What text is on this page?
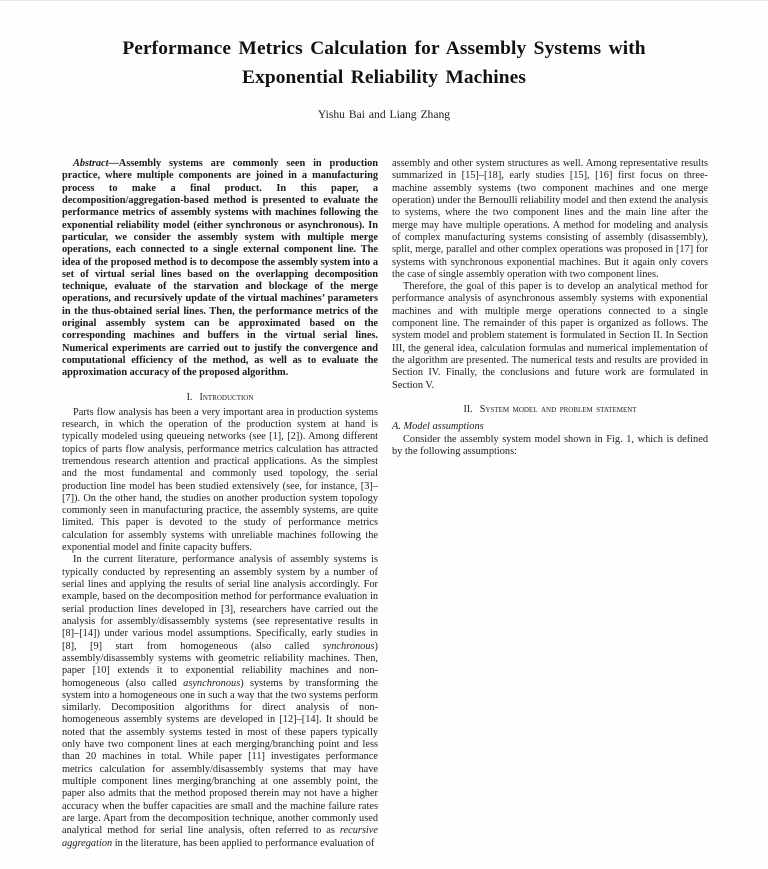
Performance Metrics Calculation for Assembly Systems with Exponential Reliability Machines
Yishu Bai and Liang Zhang

Abstract—Assembly systems are commonly seen in production practice, where multiple components are joined in a manufacturing process to make a final product. In this paper, a decomposition/aggregation-based method is presented to evaluate the performance metrics of assembly systems with machines following the exponential reliability model (either synchronous or asynchronous). In particular, we consider the assembly system with multiple merge operations, each connected to a single external component line. The idea of the proposed method is to decompose the assembly system into a set of virtual serial lines based on the overlapping decomposition technique, evaluate of the starvation and blockage of the merge operations, and recursively update of the virtual machines’ parameters in the thus-obtained serial lines. Then, the performance metrics of the original assembly system can be approximated based on the corresponding machines and buffers in the virtual serial lines. Numerical experiments are carried out to justify the convergence and computational efficiency of the method, as well as to evaluate the approximation accuracy of the proposed algorithm.

I. Introduction

Parts flow analysis has been a very important area in production systems research, in which the operation of the production system at hand is typically modeled using queueing networks (see [1], [2]). Among different topics of parts flow analysis, performance metrics calculation has attracted tremendous research attention and practical applications. As the simplest and the most fundamental and commonly used topology, the serial production line model has been studied extensively (see, for instance, [3]–[7]). On the other hand, the studies on another production system topology commonly seen in manufacturing practice, the assembly systems, are quite limited. This paper is devoted to the study of performance metrics calculation for assembly systems with unreliable machines following the exponential model and finite capacity buffers.

In the current literature, performance analysis of assembly systems is typically conducted by representing an assembly system by a number of serial lines and applying the results of serial line analysis accordingly. For example, based on the decomposition method for performance evaluation in serial production lines developed in [3], researchers have carried out the analysis for assembly/disassembly systems (see representative results in [8]–[14]) under various model assumptions. Specifically, early studies in [8], [9] start from homogeneous (also called synchronous) assembly/disassembly systems with geometric reliability machines. Then, paper [10] extends it to exponential reliability machines and non-homogeneous (also called asynchronous) systems by transforming the system into a homogeneous one in such a way that the two systems perform similarly. Decomposition algorithms for direct analysis of non-homogeneous assembly systems are developed in [12]–[14]. It should be noted that the assembly systems tested in most of these papers typically only have two component lines at each merging/branching point and less than 20 machines in total. While paper [11] investigates performance metrics calculation for assembly/disassembly systems that may have multiple component lines merging/branching at one assembly point, the paper also admits that the method proposed therein may not have a higher accuracy when the buffer capacities are small and the machine failure rates are large. Apart from the decomposition technique, another commonly used analytical method for serial line analysis, often referred to as recursive aggregation in the literature, has been applied to performance evaluation of

assembly and other system structures as well. Among representative results summarized in [15]–[18], early studies [15], [16] first focus on three-machine assembly systems (two component machines and one merge operation) under the Bernoulli reliability model and then extend the analysis to systems, where the two component lines and the main line after the merge may have multiple operations. A method for modeling and analysis of complex manufacturing systems consisting of assembly (disassembly), split, merge, parallel and other complex operations was proposed in [17] for systems with synchronous exponential machines. But it again only covers the case of single assembly operation with two component lines.

Therefore, the goal of this paper is to develop an analytical method for performance analysis of asynchronous assembly systems with exponential machines and with multiple merge operations connected to a single component line. The remainder of this paper is organized as follows. The system model and problem statement is formulated in Section II. In Section III, the general idea, calculation formulas and numerical implementation of the algorithm are presented. The numerical tests and results are provided in Section IV. Finally, the conclusions and future work are formulated in Section V.

II. System model and problem statement

A. Model assumptions

Consider the assembly system model shown in Fig. 1, which is defined by the following assumptions:
